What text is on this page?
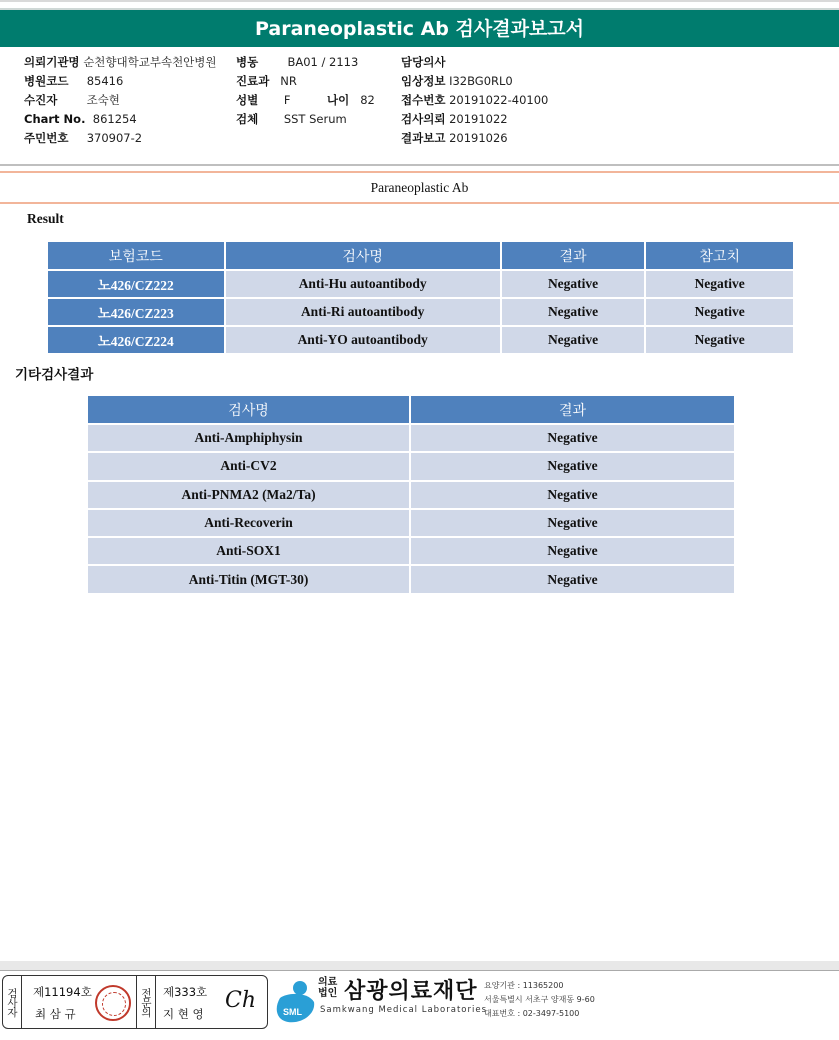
Paraneoplastic Ab 검사결과보고서
의뢰기관명 순천향대학교부속천안병원
병원코드 85416
수진자	조숙현
Chart No. 861254
주민번호 370907-2
병동	BA01 / 2113
진료과 NR
성별 F
검체 SST Serum
나이 82
담당의사
임상정보 I32BG0RL0
접수번호 20191022-40100
검사의뢰 20191022
결과보고 20191026
Paraneoplastic Ab
Result
보험코드	검사명	결과	참고치
노426/CZ222	Anti-Hu autoantibody	Negative	Negative
노426/CZ223	Anti-Ri autoantibody	Negative	Negative
노426/CZ224	Anti-YO autoantibody	Negative	Negative
기타검사결과
검사명	결과
Anti-Amphiphysin	Negative
Anti-CV2	Negative
Anti-PNMA2 (Ma2/Ta)	Negative
Anti-Recoverin	Negative
Anti-SOX1	Negative
Anti-Titin (MGT-30)	Negative
검사자	제11194호
최 삼 규	전문의 제333호
지 현 영
Ch	SML
의료
법인 삼광의료재단
Samkwang Medical Laboratories
요양기관 : 11365200
서울특별시 서초구 양재동 9-60
대표번호 : 02-3497-5100
